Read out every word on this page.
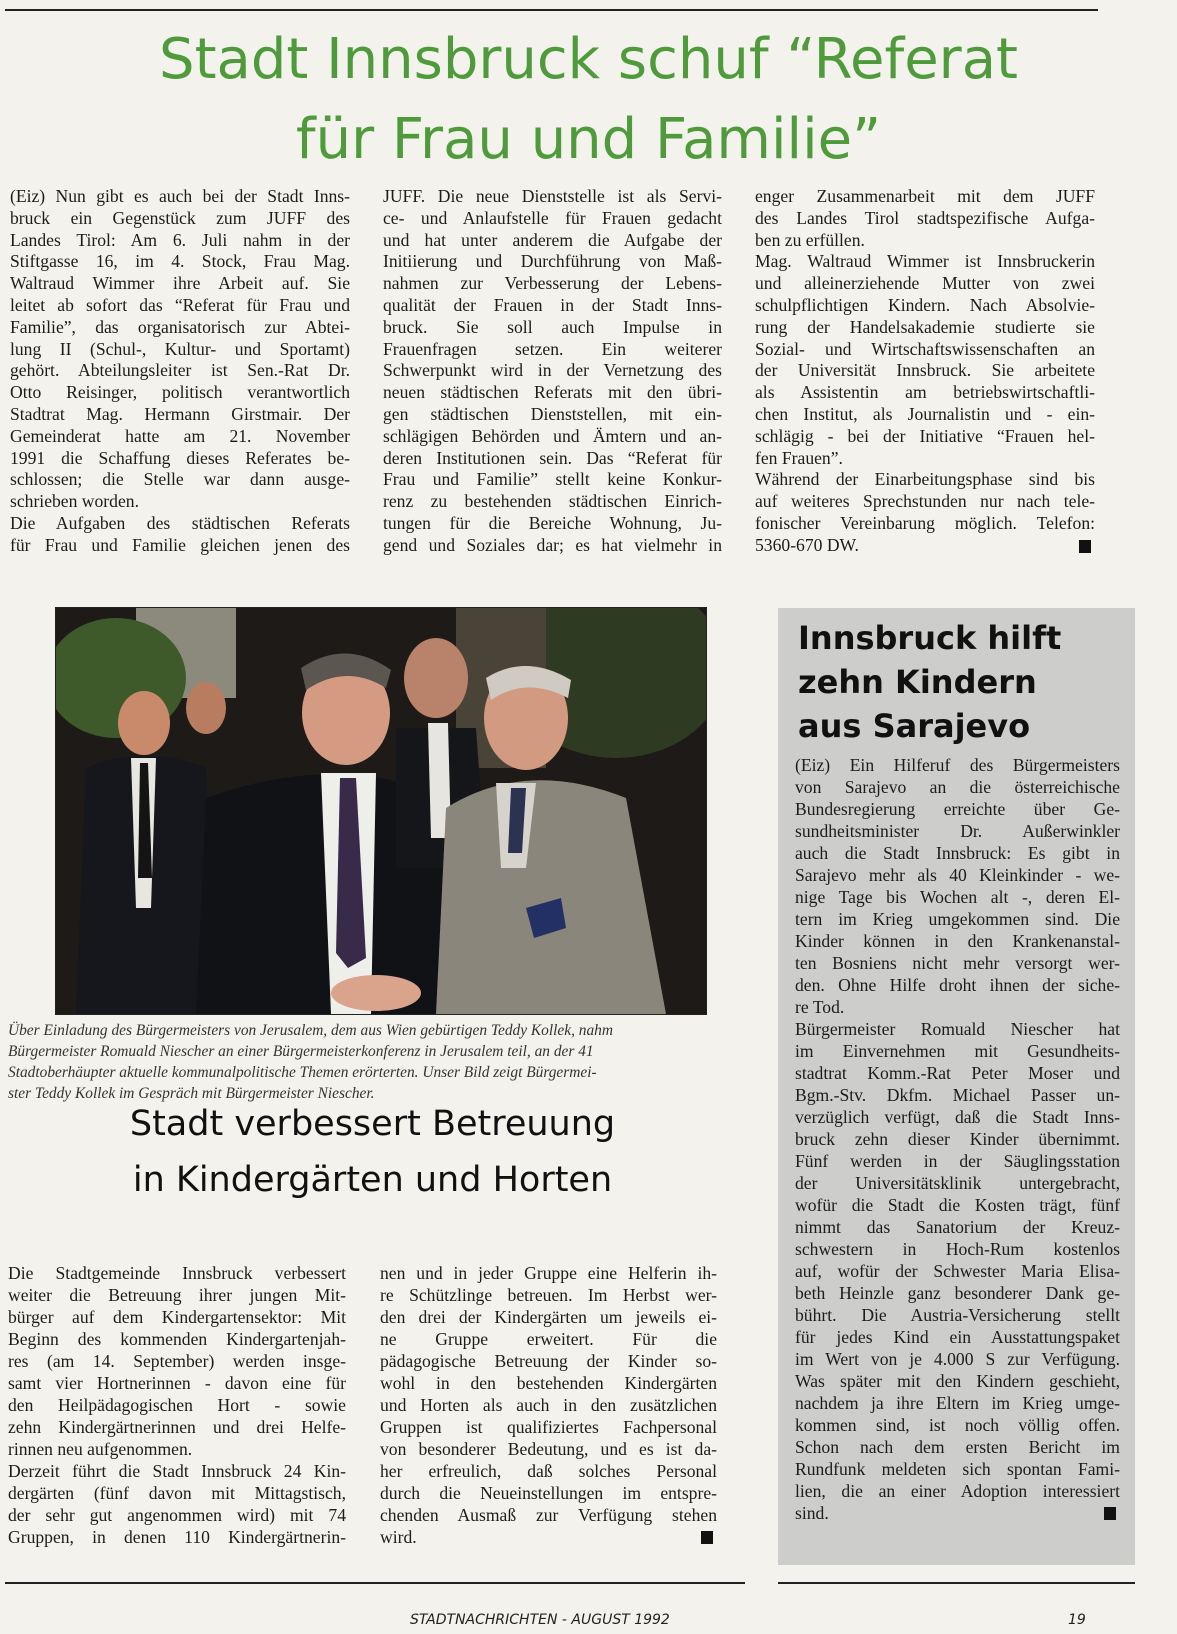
Stadt Innsbruck schuf “Referat
für Frau und Familie”
(Eiz) Nun gibt es auch bei der Stadt Inns-
bruck ein Gegenstück zum JUFF des
Landes Tirol: Am 6. Juli nahm in der
Stiftgasse 16, im 4. Stock, Frau Mag.
Waltraud Wimmer ihre Arbeit auf. Sie
leitet ab sofort das “Referat für Frau und
Familie”, das organisatorisch zur Abtei-
lung II (Schul-, Kultur- und Sportamt)
gehört. Abteilungsleiter ist Sen.-Rat Dr.
Otto Reisinger, politisch verantwortlich
Stadtrat Mag. Hermann Girstmair. Der
Gemeinderat hatte am 21. November
1991 die Schaffung dieses Referates be-
schlossen; die Stelle war dann ausge-
schrieben worden.
Die Aufgaben des städtischen Referats
für Frau und Familie gleichen jenen des
JUFF. Die neue Dienststelle ist als Servi-
ce- und Anlaufstelle für Frauen gedacht
und hat unter anderem die Aufgabe der
Initiierung und Durchführung von Maß-
nahmen zur Verbesserung der Lebens-
qualität der Frauen in der Stadt Inns-
bruck. Sie soll auch Impulse in
Frauenfragen setzen. Ein weiterer
Schwerpunkt wird in der Vernetzung des
neuen städtischen Referats mit den übri-
gen städtischen Dienststellen, mit ein-
schlägigen Behörden und Ämtern und an-
deren Institutionen sein. Das “Referat für
Frau und Familie” stellt keine Konkur-
renz zu bestehenden städtischen Einrich-
tungen für die Bereiche Wohnung, Ju-
gend und Soziales dar; es hat vielmehr in
enger Zusammenarbeit mit dem JUFF
des Landes Tirol stadtspezifische Aufga-
ben zu erfüllen.
Mag. Waltraud Wimmer ist Innsbruckerin
und alleinerziehende Mutter von zwei
schulpflichtigen Kindern. Nach Absolvie-
rung der Handelsakademie studierte sie
Sozial- und Wirtschaftswissenschaften an
der Universität Innsbruck. Sie arbeitete
als Assistentin am betriebswirtschaftli-
chen Institut, als Journalistin und - ein-
schlägig - bei der Initiative “Frauen hel-
fen Frauen”.
Während der Einarbeitungsphase sind bis
auf weiteres Sprechstunden nur nach tele-
fonischer Vereinbarung möglich. Telefon:
5360-670 DW.
Über Einladung des Bürgermeisters von Jerusalem, dem aus Wien gebürtigen Teddy Kollek, nahm
Bürgermeister Romuald Niescher an einer Bürgermeisterkonferenz in Jerusalem teil, an der 41
Stadtoberhäupter aktuelle kommunalpolitische Themen erörterten. Unser Bild zeigt Bürgermei-
ster Teddy Kollek im Gespräch mit Bürgermeister Niescher.
Stadt verbessert Betreuung
in Kindergärten und Horten
Die Stadtgemeinde Innsbruck verbessert
weiter die Betreuung ihrer jungen Mit-
bürger auf dem Kindergartensektor: Mit
Beginn des kommenden Kindergartenjah-
res (am 14. September) werden insge-
samt vier Hortnerinnen - davon eine für
den Heilpädagogischen Hort - sowie
zehn Kindergärtnerinnen und drei Helfe-
rinnen neu aufgenommen.
Derzeit führt die Stadt Innsbruck 24 Kin-
dergärten (fünf davon mit Mittagstisch,
der sehr gut angenommen wird) mit 74
Gruppen, in denen 110 Kindergärtnerin-
nen und in jeder Gruppe eine Helferin ih-
re Schützlinge betreuen. Im Herbst wer-
den drei der Kindergärten um jeweils ei-
ne Gruppe erweitert. Für die
pädagogische Betreuung der Kinder so-
wohl in den bestehenden Kindergärten
und Horten als auch in den zusätzlichen
Gruppen ist qualifiziertes Fachpersonal
von besonderer Bedeutung, und es ist da-
her erfreulich, daß solches Personal
durch die Neueinstellungen im entspre-
chenden Ausmaß zur Verfügung stehen
wird.
Innsbruck hilft
zehn Kindern
aus Sarajevo
(Eiz) Ein Hilferuf des Bürgermeisters
von Sarajevo an die österreichische
Bundesregierung erreichte über Ge-
sundheitsminister Dr. Außerwinkler
auch die Stadt Innsbruck: Es gibt in
Sarajevo mehr als 40 Kleinkinder - we-
nige Tage bis Wochen alt -, deren El-
tern im Krieg umgekommen sind. Die
Kinder können in den Krankenanstal-
ten Bosniens nicht mehr versorgt wer-
den. Ohne Hilfe droht ihnen der siche-
re Tod.
Bürgermeister Romuald Niescher hat
im Einvernehmen mit Gesundheits-
stadtrat Komm.-Rat Peter Moser und
Bgm.-Stv. Dkfm. Michael Passer un-
verzüglich verfügt, daß die Stadt Inns-
bruck zehn dieser Kinder übernimmt.
Fünf werden in der Säuglingsstation
der Universitätsklinik untergebracht,
wofür die Stadt die Kosten trägt, fünf
nimmt das Sanatorium der Kreuz-
schwestern in Hoch-Rum kostenlos
auf, wofür der Schwester Maria Elisa-
beth Heinzle ganz besonderer Dank ge-
bührt. Die Austria-Versicherung stellt
für jedes Kind ein Ausstattungspaket
im Wert von je 4.000 S zur Verfügung.
Was später mit den Kindern geschieht,
nachdem ja ihre Eltern im Krieg umge-
kommen sind, ist noch völlig offen.
Schon nach dem ersten Bericht im
Rundfunk meldeten sich spontan Fami-
lien, die an einer Adoption interessiert
sind.
STADTNACHRICHTEN - AUGUST 1992	19
